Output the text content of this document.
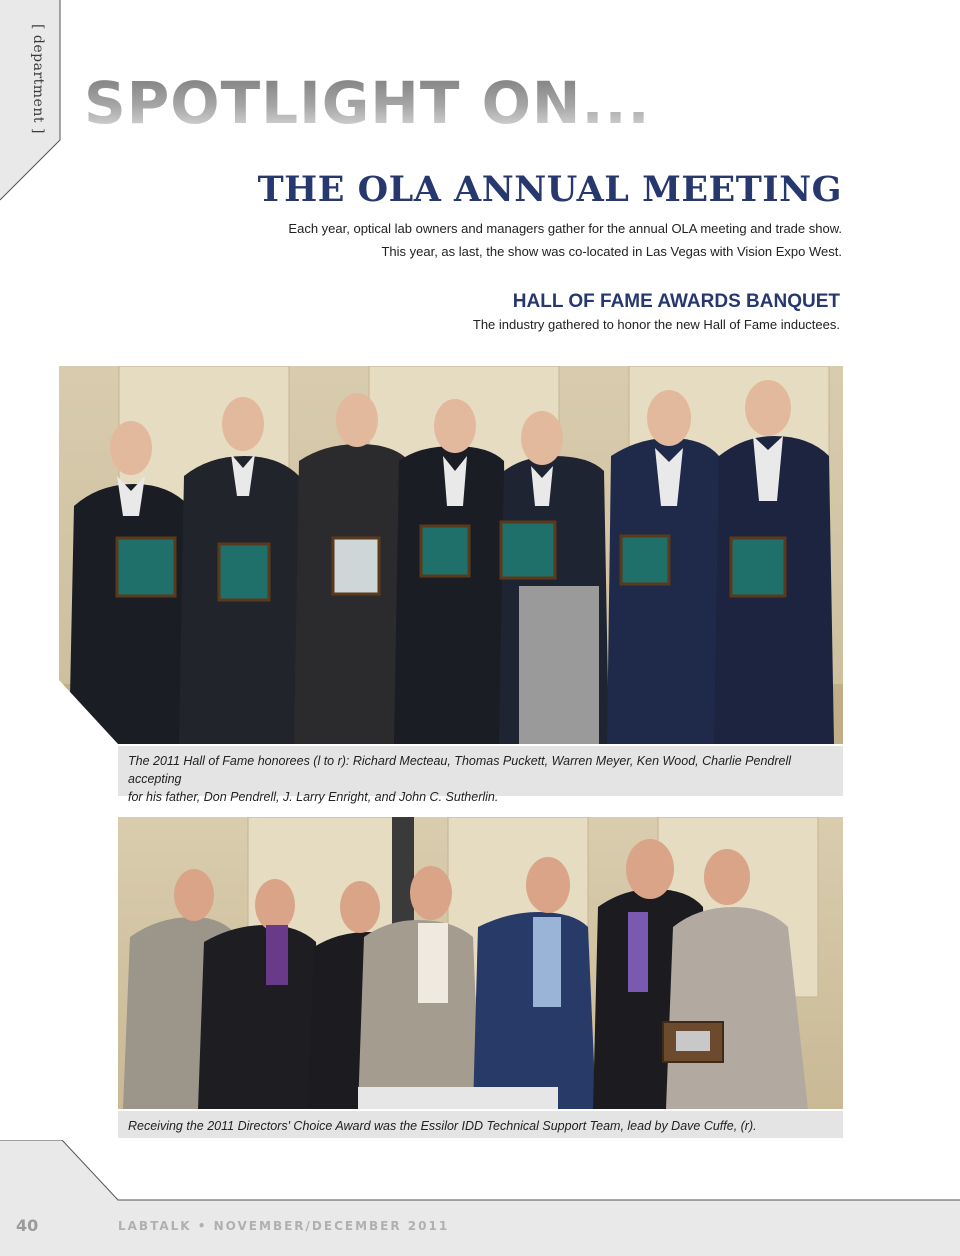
[ department ] SPOTLIGHT ON...
THE OLA ANNUAL MEETING
Each year, optical lab owners and managers gather for the annual OLA meeting and trade show.
This year, as last, the show was co-located in Las Vegas with Vision Expo West.
HALL OF FAME AWARDS BANQUET
The industry gathered to honor the new Hall of Fame inductees.
The 2011 Hall of Fame honorees (l to r): Richard Mecteau, Thomas Puckett, Warren Meyer, Ken Wood, Charlie Pendrell accepting
for his father, Don Pendrell, J. Larry Enright, and John C. Sutherlin.
Receiving the 2011 Directors' Choice Award was the Essilor IDD Technical Support Team, lead by Dave Cuffe, (r).
40	LABTALK • NOVEMBER/DECEMBER 2011
